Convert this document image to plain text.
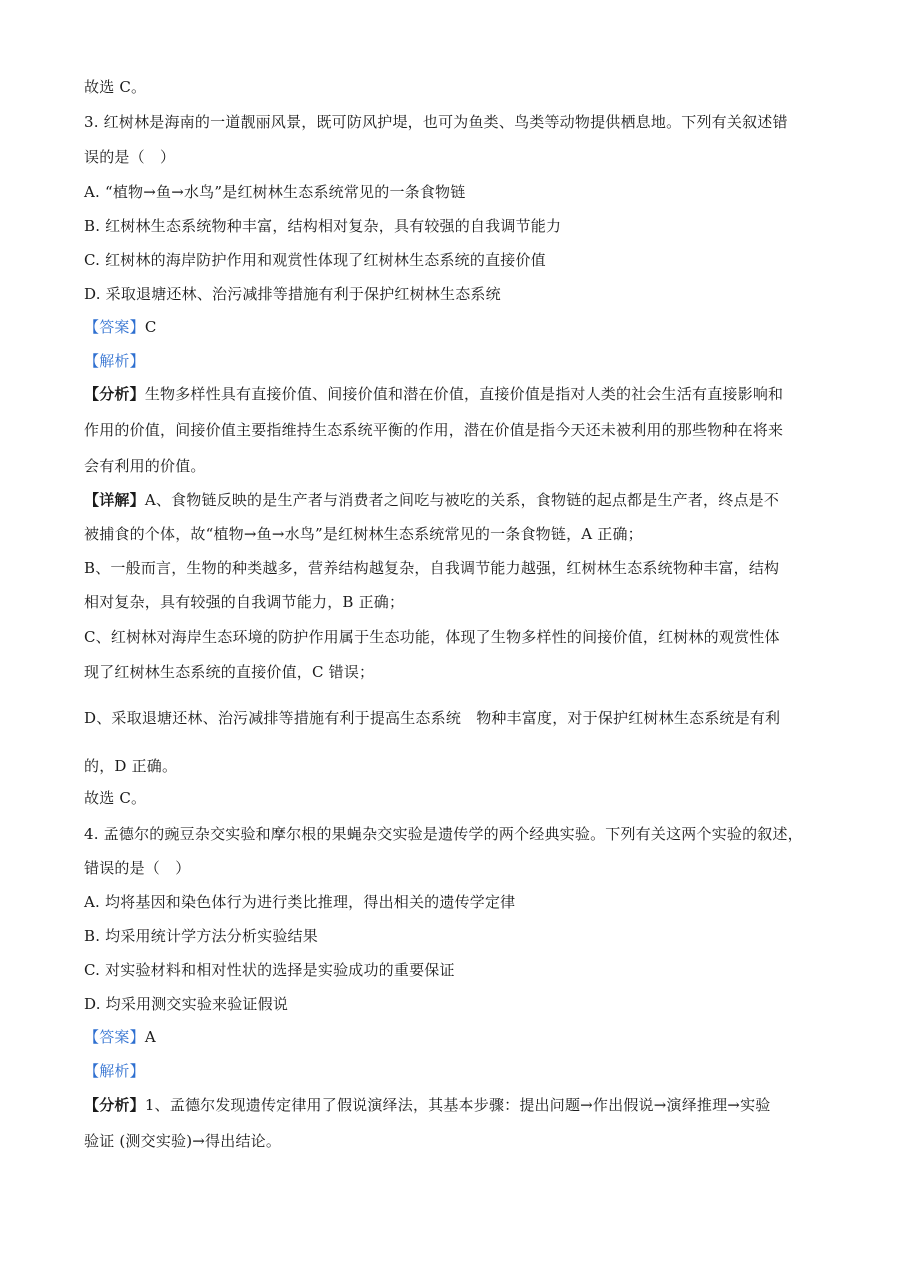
故选 C。
3. 红树林是海南的一道靓丽风景，既可防风护堤，也可为鱼类、鸟类等动物提供栖息地。下列有关叙述错
误的是（　）
A. “植物→鱼→水鸟”是红树林生态系统常见的一条食物链
B. 红树林生态系统物种丰富，结构相对复杂，具有较强的自我调节能力
C. 红树林的海岸防护作用和观赏性体现了红树林生态系统的直接价值
D. 采取退塘还林、治污减排等措施有利于保护红树林生态系统
【答案】C
【解析】
【分析】生物多样性具有直接价值、间接价值和潜在价值，直接价值是指对人类的社会生活有直接影响和
作用的价值，间接价值主要指维持生态系统平衡的作用，潜在价值是指今天还未被利用的那些物种在将来
会有利用的价值。
【详解】A、食物链反映的是生产者与消费者之间吃与被吃的关系，食物链的起点都是生产者，终点是不
被捕食的个体，故“植物→鱼→水鸟”是红树林生态系统常见的一条食物链，A 正确；
B、一般而言，生物的种类越多，营养结构越复杂，自我调节能力越强，红树林生态系统物种丰富，结构
相对复杂，具有较强的自我调节能力，B 正确；
C、红树林对海岸生态环境的防护作用属于生态功能，体现了生物多样性的间接价值，红树林的观赏性体
现了红树林生态系统的直接价值，C 错误；
D、采取退塘还林、治污减排等措施有利于提高生态系统　物种丰富度，对于保护红树林生态系统是有利
的，D 正确。
故选 C。
4. 孟德尔的豌豆杂交实验和摩尔根的果蝇杂交实验是遗传学的两个经典实验。下列有关这两个实验的叙述，
错误的是（　）
A. 均将基因和染色体行为进行类比推理，得出相关的遗传学定律
B. 均采用统计学方法分析实验结果
C. 对实验材料和相对性状的选择是实验成功的重要保证
D. 均采用测交实验来验证假说
【答案】A
【解析】
【分析】1、孟德尔发现遗传定律用了假说演绎法，其基本步骤：提出问题→作出假说→演绎推理→实验
验证 (测交实验)→得出结论。
